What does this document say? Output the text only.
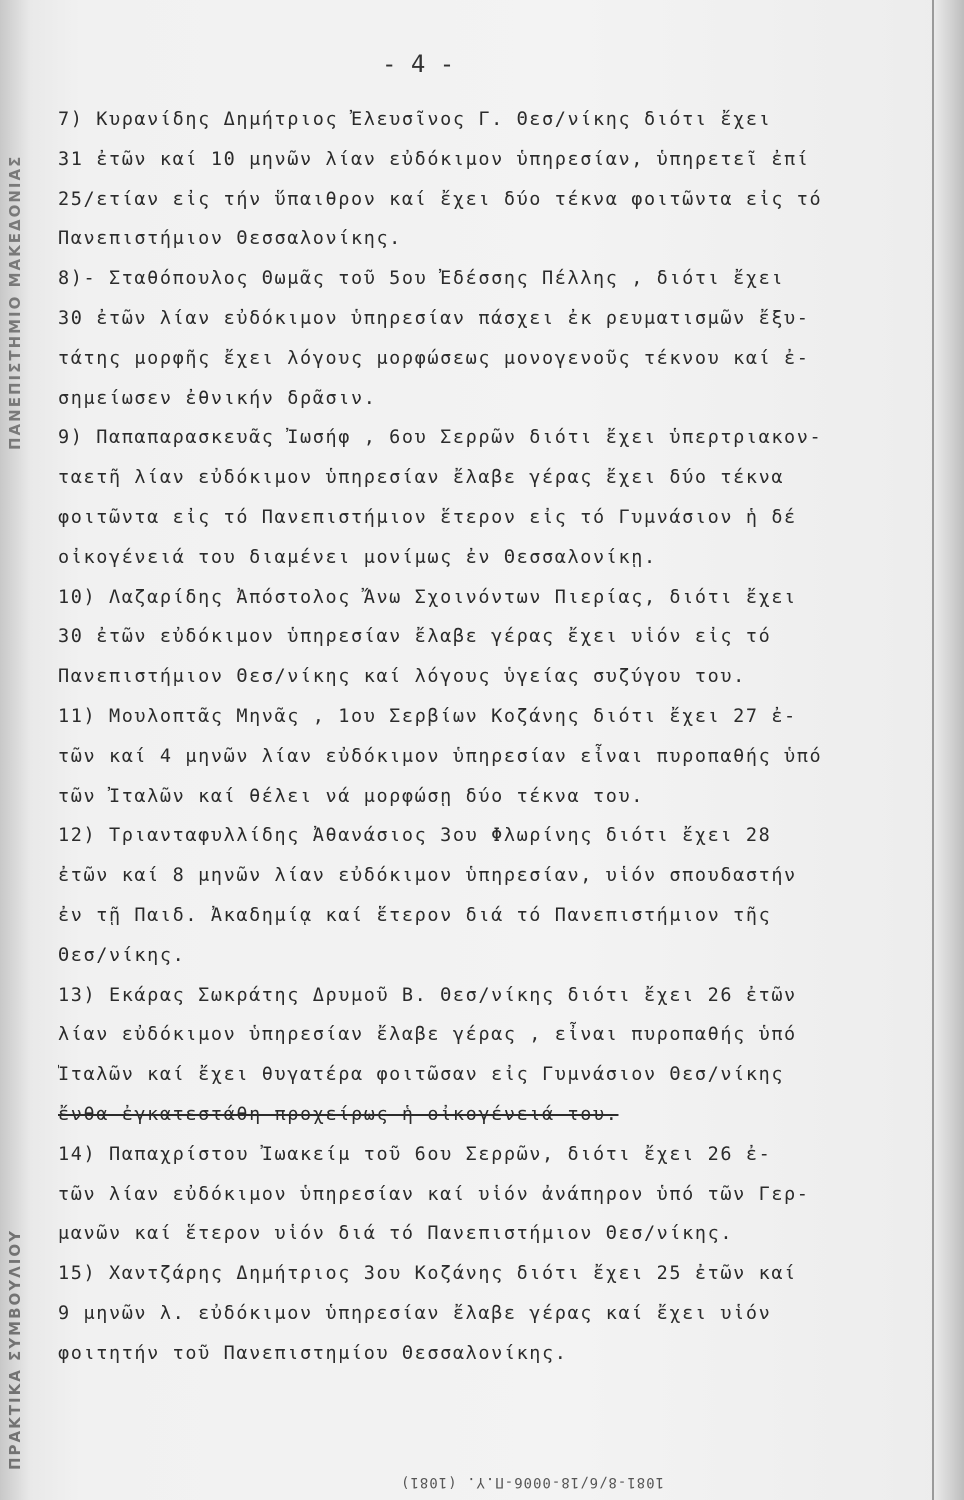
ΠΑΝΕΠΙΣΤΗΜΙΟ ΜΑΚΕΔΟΝΙΑΣ
ΠΡΑΚΤΙΚΑ ΣΥΜΒΟΥΛΙΟΥ
- 4 -
7) Κυρανίδης Δημήτριος Ἐλευσῖνος Γ. Θεσ/νίκης διότι ἔχει
31 ἐτῶν καί 10 μηνῶν λίαν εὐδόκιμον ὑπηρεσίαν, ὑπηρετεῖ ἐπί
25/ετίαν εἰς τήν ὕπαιθρον καί ἔχει δύο τέκνα φοιτῶντα εἰς τό
Πανεπιστήμιον Θεσσαλονίκης.
8)- Σταθόπουλος Θωμᾶς τοῦ 5ου Ἐδέσσης Πέλλης , διότι ἔχει
30 ἐτῶν λίαν εὐδόκιμον ὑπηρεσίαν πάσχει ἐκ ρευματισμῶν ἔξυ-
τάτης μορφῆς ἔχει λόγους μορφώσεως μονογενοῦς τέκνου καί ἐ-
σημείωσεν ἐθνικήν δρᾶσιν.
9) Παπαπαρασκευᾶς Ἰωσήφ , 6ου Σερρῶν διότι ἔχει ὑπερτριακον-
ταετῆ λίαν εὐδόκιμον ὑπηρεσίαν ἔλαβε γέρας ἔχει δύο τέκνα
φοιτῶντα εἰς τό Πανεπιστήμιον ἕτερον εἰς τό Γυμνάσιον ἡ δέ
οἰκογένειά του διαμένει μονίμως ἐν Θεσσαλονίκῃ.
10) Λαζαρίδης Ἀπόστολος Ἄνω Σχοινόντων Πιερίας, διότι ἔχει
30 ἐτῶν εὐδόκιμον ὑπηρεσίαν ἔλαβε γέρας ἔχει υἱόν εἰς τό
Πανεπιστήμιον Θεσ/νίκης καί λόγους ὑγείας συζύγου του.
11) Μουλοπτᾶς Μηνᾶς , 1ου Σερβίων Κοζάνης διότι ἔχει 27 ἐ-
τῶν καί 4 μηνῶν λίαν εὐδόκιμον ὑπηρεσίαν εἶναι πυροπαθής ὑπό
τῶν Ἰταλῶν καί θέλει νά μορφώσῃ δύο τέκνα του.
12) Τριανταφυλλίδης Ἀθανάσιος 3ου Φλωρίνης διότι ἔχει 28
ἐτῶν καί 8 μηνῶν λίαν εὐδόκιμον ὑπηρεσίαν, υἱόν σπουδαστήν
ἐν τῇ Παιδ. Ἀκαδημίᾳ καί ἕτερον διά τό Πανεπιστήμιον τῆς
Θεσ/νίκης.
13) Εκάρας Σωκράτης Δρυμοῦ Β. Θεσ/νίκης διότι ἔχει 26 ἐτῶν
λίαν εὐδόκιμον ὑπηρεσίαν ἔλαβε γέρας , εἶναι πυροπαθής ὑπό
Ἰταλῶν καί ἔχει θυγατέρα φοιτῶσαν εἰς Γυμνάσιον Θεσ/νίκης
ἔνθα ἐγκατεστάθη προχείρως ἡ οἰκογένειά του.
14) Παπαχρίστου Ἰωακείμ τοῦ 6ου Σερρῶν, διότι ἔχει 26 ἐ-
τῶν λίαν εὐδόκιμον ὑπηρεσίαν καί υἱόν ἀνάπηρον ὑπό τῶν Γερ-
μανῶν καί ἕτερον υἱόν διά τό Πανεπιστήμιον Θεσ/νίκης.
15) Χαντζάρης Δημήτριος 3ου Κοζάνης διότι ἔχει 25 ἐτῶν καί
9 μηνῶν λ. εὐδόκιμον ὑπηρεσίαν ἔλαβε γέρας καί ἔχει υἱόν
φοιτητήν τοῦ Πανεπιστημίου Θεσσαλονίκης.
1081-8/6/18-0006-Π.Υ. (1081)
